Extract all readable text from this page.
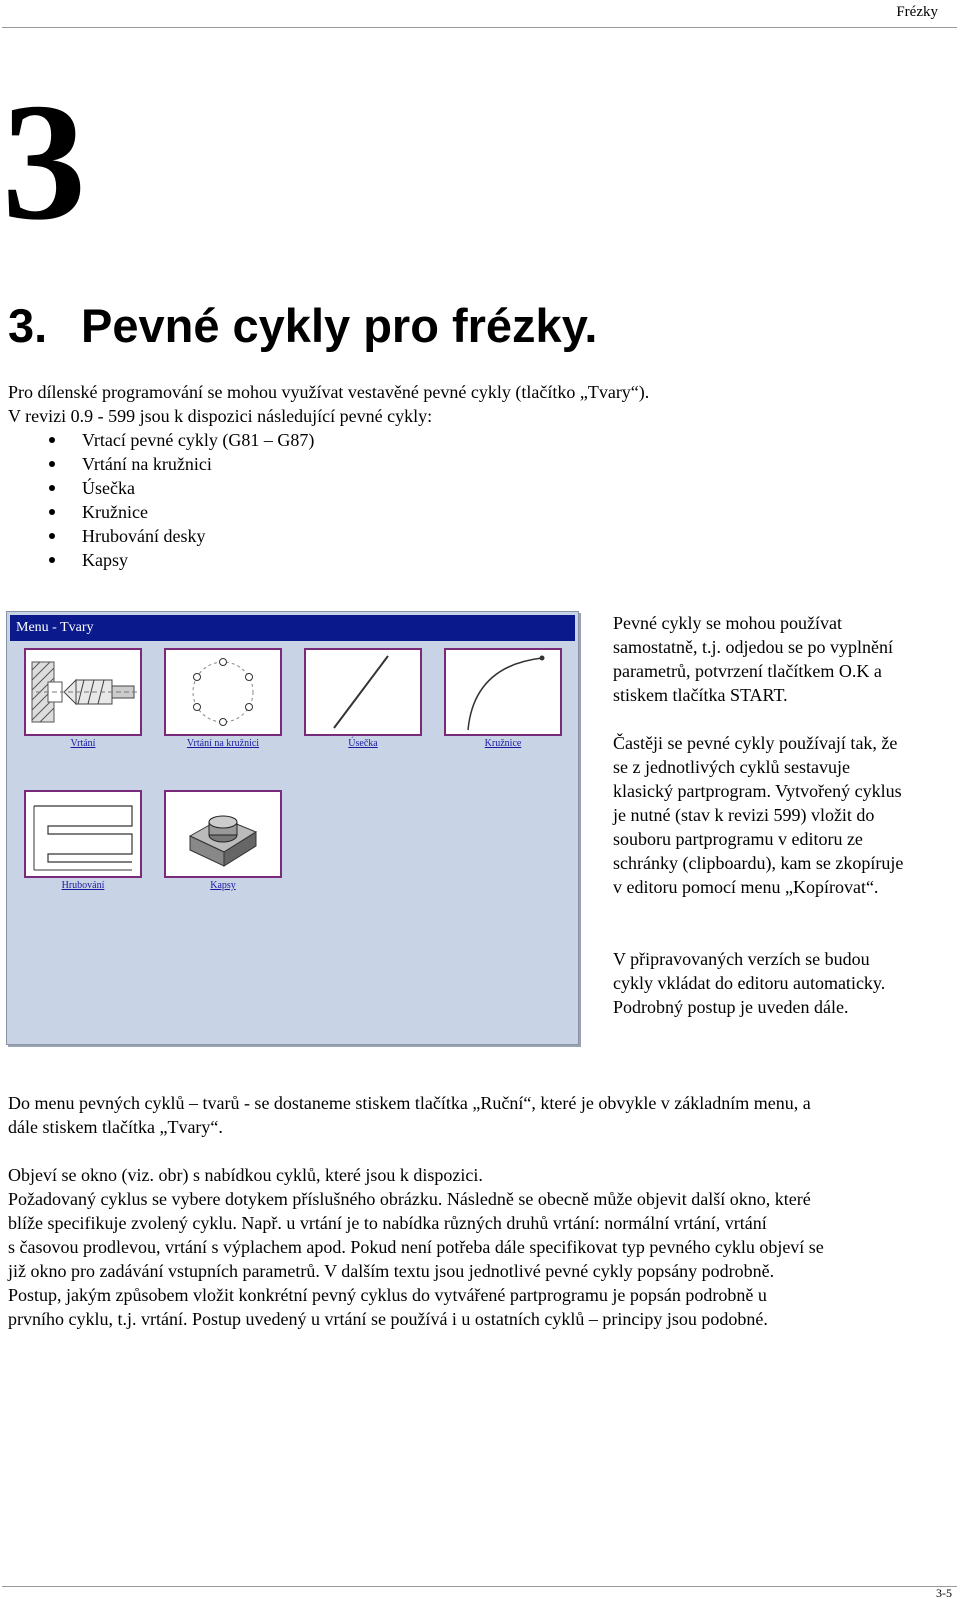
Frézky
3
3. Pevné cykly pro frézky.

Pro dílenské programování se mohou využívat vestavěné pevné cykly (tlačítko „Tvary“).

V revizi 0.9 - 599 jsou k dispozici následující pevné cykly:

Vrtací pevné cykly (G81 – G87)
Vrtání na kružnici
Úsečka
Kružnice
Hrubování desky
Kapsy
Menu - Tvary
Vrtání	Vrtání na kružnici	Úsečka	Kružnice
Hrubování	Kapsy

Pevné cykly se mohou používat

samostatně, t.j. odjedou se po vyplnění

parametrů, potvrzení tlačítkem O.K a

stiskem tlačítka START.

Častěji se pevné cykly používají tak, že

se z jednotlivých cyklů sestavuje

klasický partprogram. Vytvořený cyklus

je nutné (stav k revizi 599) vložit do

souboru partprogramu v editoru ze

schránky (clipboardu), kam se zkopíruje

v editoru pomocí menu „Kopírovat“.

V připravovaných verzích se budou

cykly vkládat do editoru automaticky.

Podrobný postup je uveden dále.

Do menu pevných cyklů – tvarů - se dostaneme stiskem tlačítka „Ruční“, které je obvykle v základním menu, a

dále stiskem tlačítka „Tvary“.

Objeví se okno (viz. obr) s nabídkou cyklů, které jsou k dispozici.

Požadovaný cyklus se vybere dotykem příslušného obrázku. Následně se obecně může objevit další okno, které

blíže specifikuje zvolený cyklu. Např. u vrtání je to nabídka různých druhů vrtání: normální vrtání, vrtání

s časovou prodlevou, vrtání s výplachem apod. Pokud není potřeba dále specifikovat typ pevného cyklu objeví se

již okno pro zadávání vstupních parametrů. V dalším textu jsou jednotlivé pevné cykly popsány podrobně.

Postup, jakým způsobem vložit konkrétní pevný cyklus do vytvářené partprogramu je popsán podrobně u

prvního cyklu, t.j. vrtání. Postup uvedený u vrtání se používá i u ostatních cyklů – principy jsou podobné.

3-5
